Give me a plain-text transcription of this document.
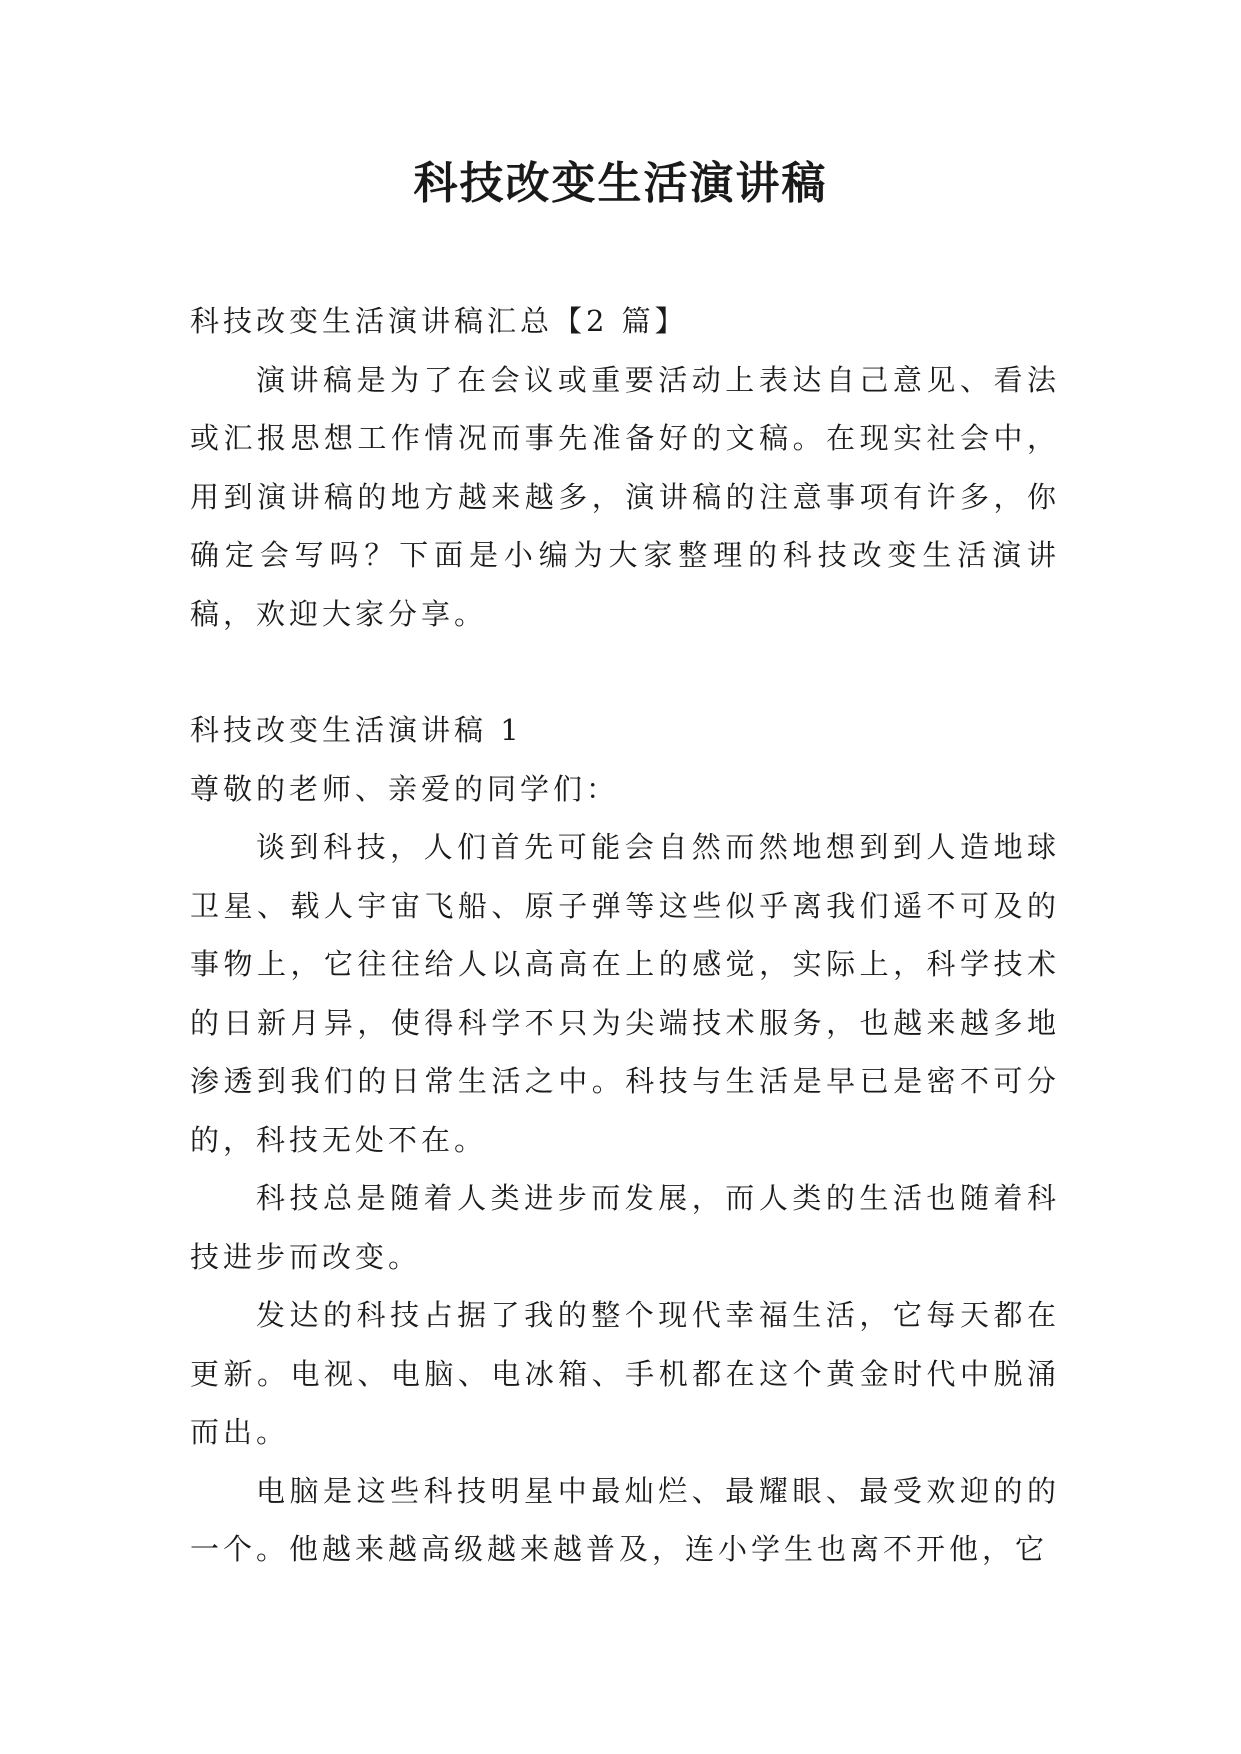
科技改变生活演讲稿

科技改变生活演讲稿汇总【2 篇】

演讲稿是为了在会议或重要活动上表达自己意见、看法或汇报思想工作情况而事先准备好的文稿。在现实社会中，用到演讲稿的地方越来越多，演讲稿的注意事项有许多，你确定会写吗？下面是小编为大家整理的科技改变生活演讲稿，欢迎大家分享。

科技改变生活演讲稿 1

尊敬的老师、亲爱的同学们：

谈到科技，人们首先可能会自然而然地想到到人造地球卫星、载人宇宙飞船、原子弹等这些似乎离我们遥不可及的事物上，它往往给人以高高在上的感觉，实际上，科学技术的日新月异，使得科学不只为尖端技术服务，也越来越多地渗透到我们的日常生活之中。科技与生活是早已是密不可分的，科技无处不在。

科技总是随着人类进步而发展，而人类的生活也随着科技进步而改变。

发达的科技占据了我的整个现代幸福生活，它每天都在更新。电视、电脑、电冰箱、手机都在这个黄金时代中脱涌而出。

电脑是这些科技明星中最灿烂、最耀眼、最受欢迎的的一个。他越来越高级越来越普及，连小学生也离不开他，它
